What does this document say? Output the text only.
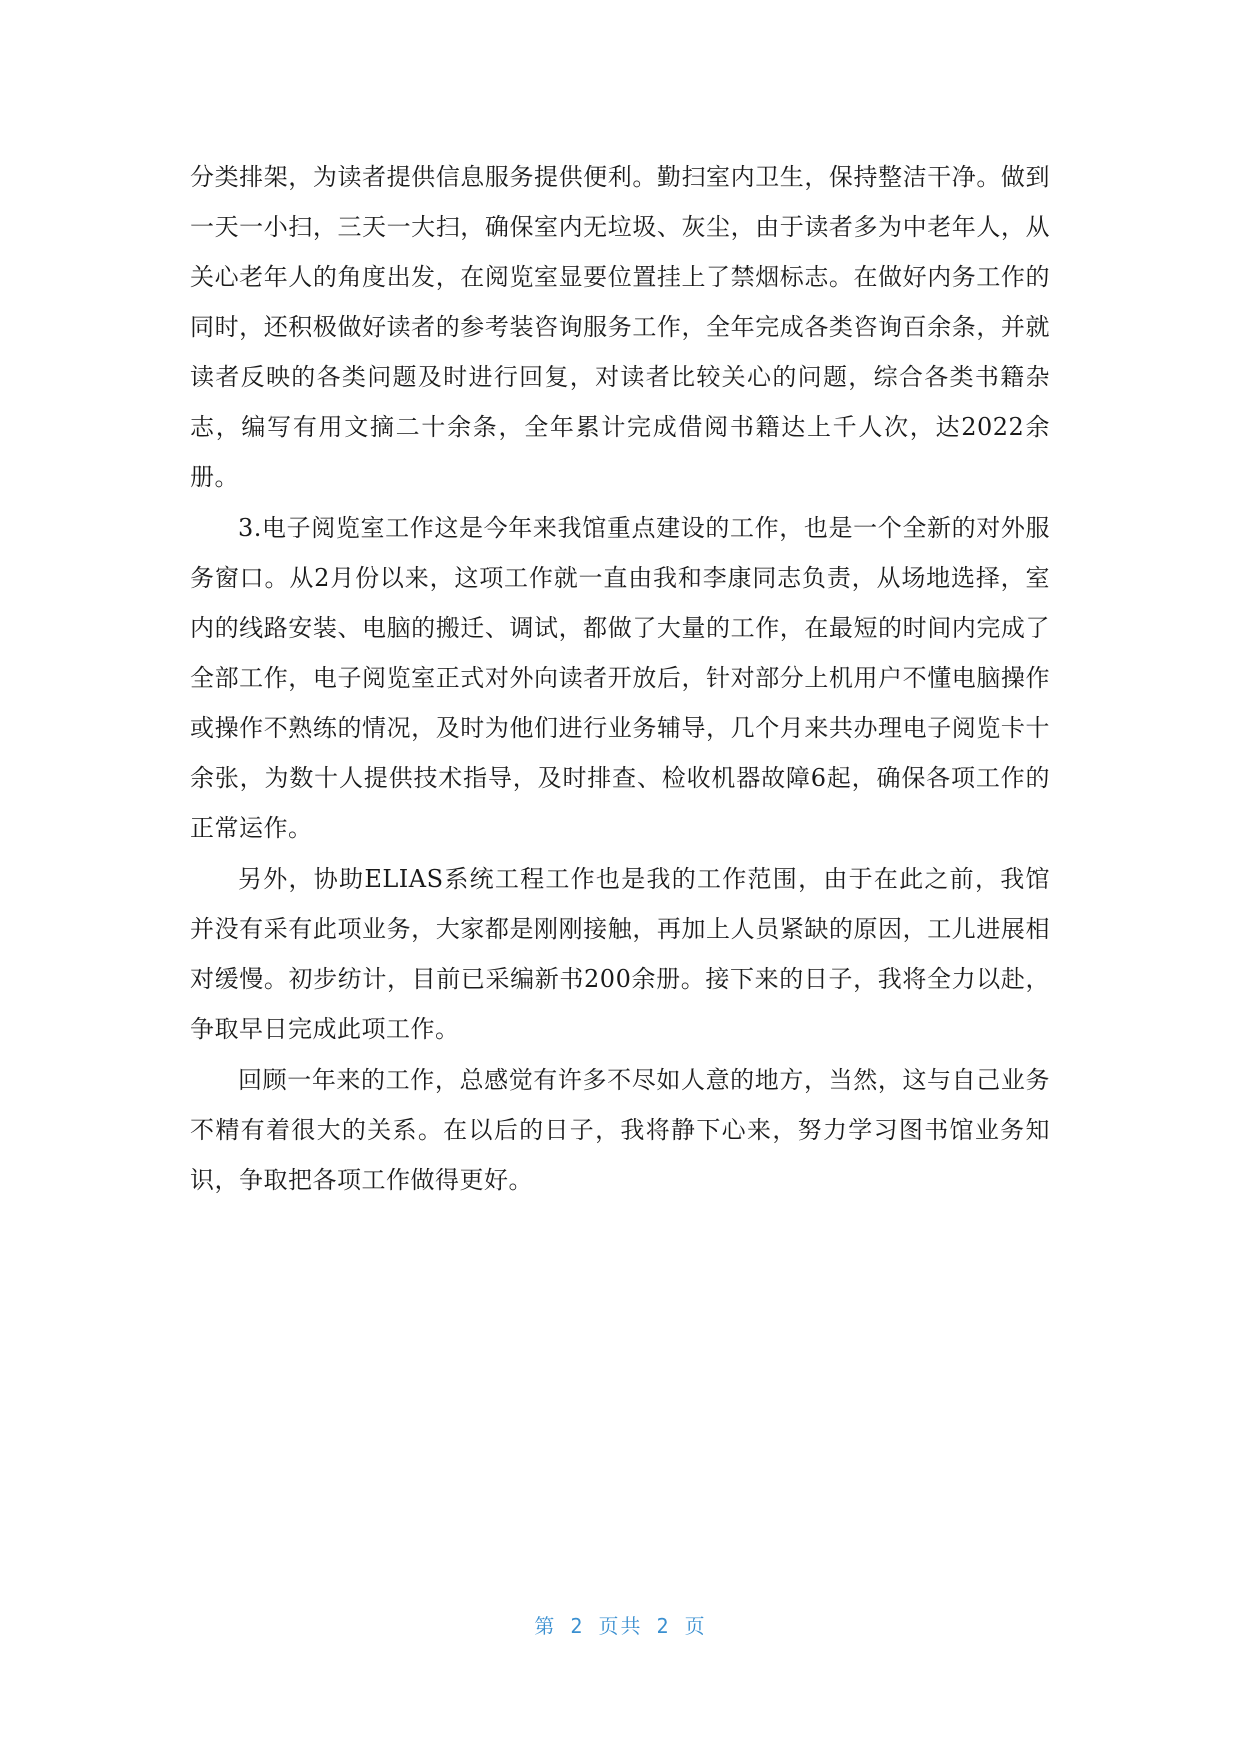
分类排架，为读者提供信息服务提供便利。勤扫室内卫生，保持整洁干净。做到一天一小扫，三天一大扫，确保室内无垃圾、灰尘，由于读者多为中老年人，从关心老年人的角度出发，在阅览室显要位置挂上了禁烟标志。在做好内务工作的同时，还积极做好读者的参考装咨询服务工作，全年完成各类咨询百余条，并就读者反映的各类问题及时进行回复，对读者比较关心的问题，综合各类书籍杂志，编写有用文摘二十余条，全年累计完成借阅书籍达上千人次，达2022余册。

3.电子阅览室工作这是今年来我馆重点建设的工作，也是一个全新的对外服务窗口。从2月份以来，这项工作就一直由我和李康同志负责，从场地选择，室内的线路安装、电脑的搬迁、调试，都做了大量的工作，在最短的时间内完成了全部工作，电子阅览室正式对外向读者开放后，针对部分上机用户不懂电脑操作或操作不熟练的情况，及时为他们进行业务辅导，几个月来共办理电子阅览卡十余张，为数十人提供技术指导，及时排查、检收机器故障6起，确保各项工作的正常运作。

另外，协助ELIAS系统工程工作也是我的工作范围，由于在此之前，我馆并没有采有此项业务，大家都是刚刚接触，再加上人员紧缺的原因，工儿进展相对缓慢。初步纺计，目前已采编新书200余册。接下来的日子，我将全力以赴，争取早日完成此项工作。

回顾一年来的工作，总感觉有许多不尽如人意的地方，当然，这与自己业务不精有着很大的关系。在以后的日子，我将静下心来，努力学习图书馆业务知识，争取把各项工作做得更好。

第 2 页共 2 页
